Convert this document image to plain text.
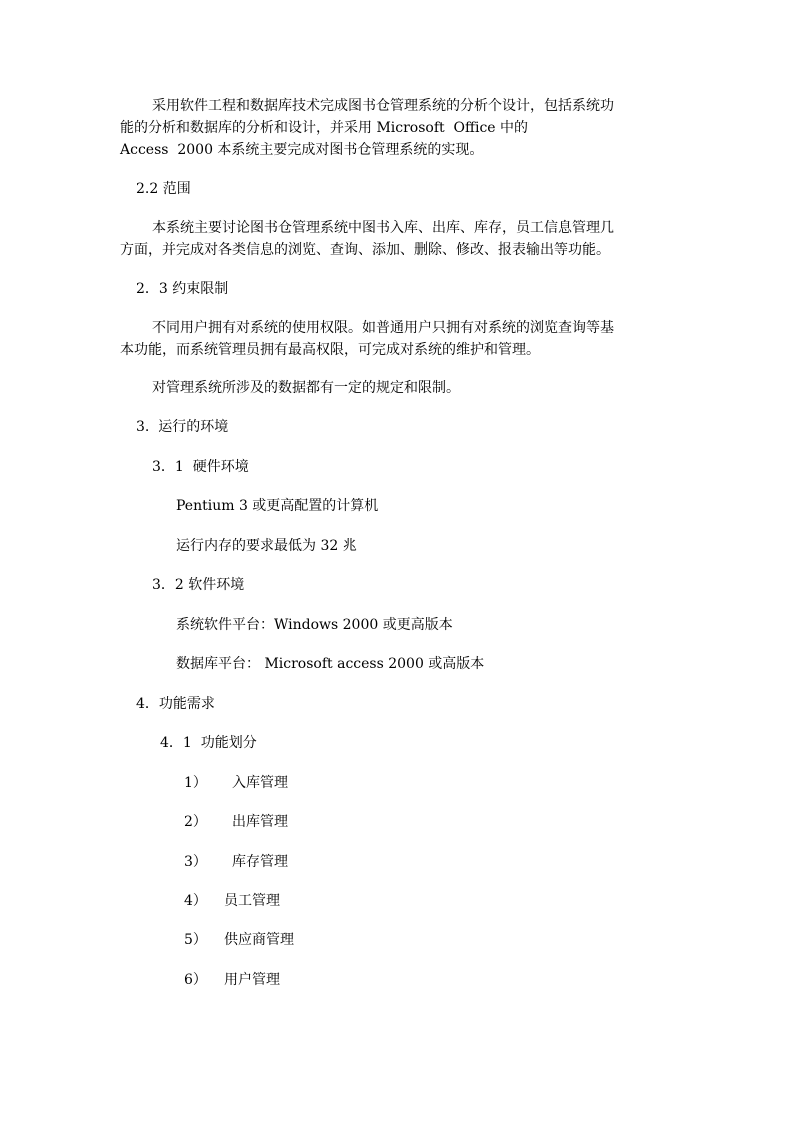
采用软件工程和数据库技术完成图书仓管理系统的分析个设计，包括系统功

能的分析和数据库的分析和设计，并采用 Microsoft  Office 中的

Access  2000 本系统主要完成对图书仓管理系统的实现。

2.2 范围

本系统主要讨论图书仓管理系统中图书入库、出库、库存，员工信息管理几

方面，并完成对各类信息的浏览、查询、添加、删除、修改、报表输出等功能。

2．3 约束限制

不同用户拥有对系统的使用权限。如普通用户只拥有对系统的浏览查询等基

本功能，而系统管理员拥有最高权限，可完成对系统的维护和管理。

对管理系统所涉及的数据都有一定的规定和限制。

3.  运行的环境

3．1  硬件环境

Pentium 3 或更高配置的计算机

运行内存的要求最低为 32 兆

3．2 软件环境

系统软件平台：Windows 2000 或更高版本

数据库平台： Microsoft access 2000 或高版本

4．功能需求

4．1  功能划分

1） 入库管理

2） 出库管理

3） 库存管理

4） 员工管理

5） 供应商管理

6） 用户管理
